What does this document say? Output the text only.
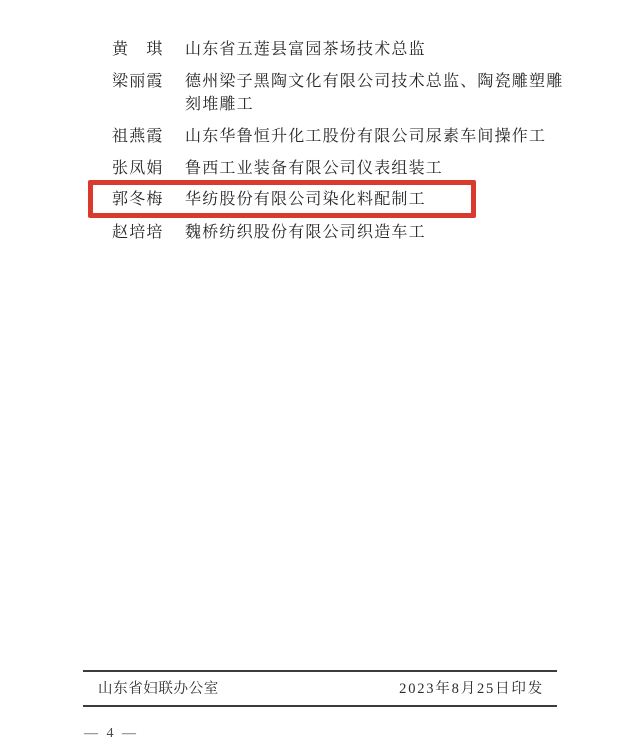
黄　琪 山东省五莲县富园茶场技术总监
梁丽霞 德州梁子黑陶文化有限公司技术总监、陶瓷雕塑雕刻堆雕工
祖燕霞 山东华鲁恒升化工股份有限公司尿素车间操作工
张凤娟 鲁西工业装备有限公司仪表组装工
郭冬梅 华纺股份有限公司染化料配制工
赵培培 魏桥纺织股份有限公司织造车工
山东省妇联办公室	2023年8月25日印发
— 4 —
